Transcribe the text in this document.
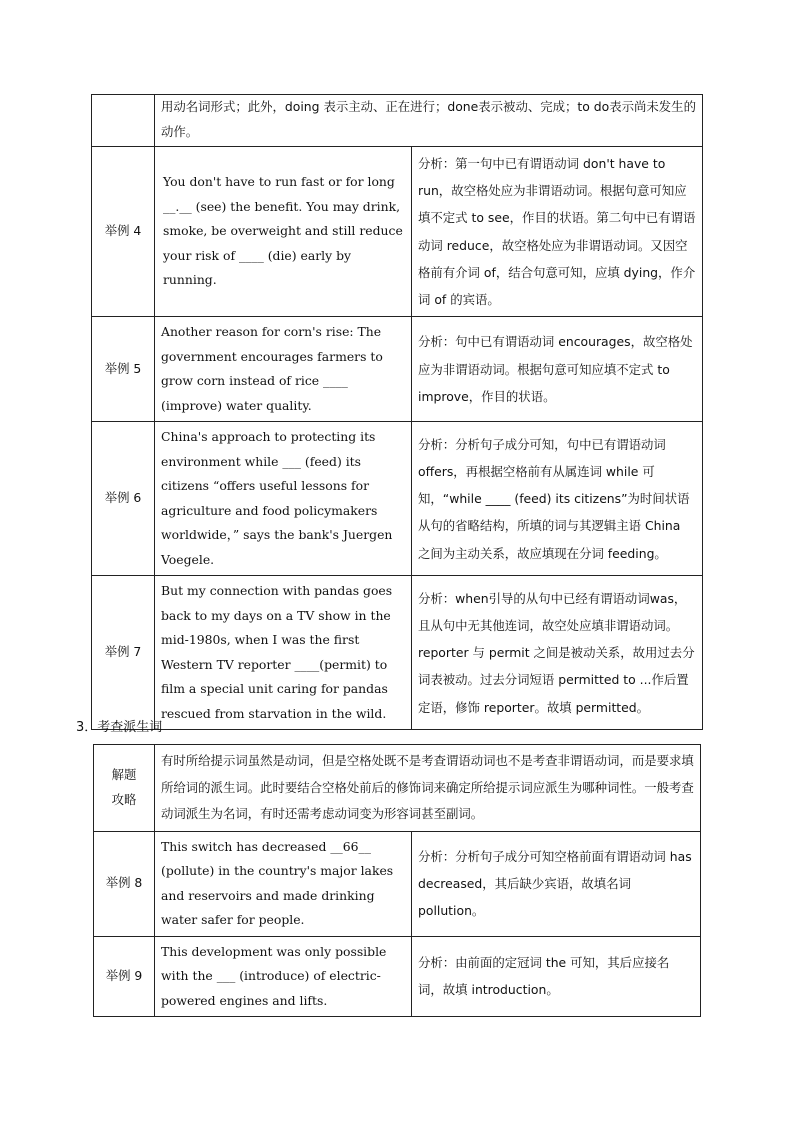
	用动名词形式；此外，doing 表示主动、正在进行；done表示被动、完成；to do表示尚未发生的动作。	
举例 4	You don't have to run fast or for long __.__ (see) the benefit. You may drink, smoke, be overweight and still reduce your risk of ____ (die) early by running.	分析：第一句中已有谓语动词 don't have to run，故空格处应为非谓语动词。根据句意可知应填不定式 to see，作目的状语。第二句中已有谓语动词 reduce，故空格处应为非谓语动词。又因空格前有介词 of，结合句意可知，应填 dying，作介词 of 的宾语。
举例 5	Another reason for corn's rise: The government encourages farmers to grow corn instead of rice ____ (improve) water quality.	分析：句中已有谓语动词 encourages，故空格处应为非谓语动词。根据句意可知应填不定式 to improve，作目的状语。
举例 6	China's approach to protecting its environment while ___ (feed) its citizens “offers useful lessons for agriculture and food policymakers worldwide，” says the bank's Juergen Voegele.	分析：分析句子成分可知，句中已有谓语动词 offers，再根据空格前有从属连词 while 可知，“while ____ (feed) its citizens”为时间状语从句的省略结构，所填的词与其逻辑主语 China 之间为主动关系，故应填现在分词 feeding。
举例 7	But my connection with pandas goes back to my days on a TV show in the mid-1980s, when I was the first Western TV reporter ____(permit) to film a special unit caring for pandas rescued from starvation in the wild.	分析：when引导的从句中已经有谓语动词was，且从句中无其他连词，故空处应填非谓语动词。reporter 与 permit 之间是被动关系，故用过去分词表被动。过去分词短语 permitted to ...作后置定语，修饰 reporter。故填 permitted。
3．考查派生词
解题攻略	有时所给提示词虽然是动词，但是空格处既不是考查谓语动词也不是考查非谓语动词，而是要求填所给词的派生词。此时要结合空格处前后的修饰词来确定所给提示词应派生为哪种词性。一般考查动词派生为名词，有时还需考虑动词变为形容词甚至副词。	
举例 8	This switch has decreased __66__ (pollute) in the country's major lakes and reservoirs and made drinking water safer for people.	分析：分析句子成分可知空格前面有谓语动词 has decreased，其后缺少宾语，故填名词 pollution。
举例 9	This development was only possible with the ___ (introduce) of electric-powered engines and lifts.	分析：由前面的定冠词 the 可知，其后应接名词，故填 introduction。
